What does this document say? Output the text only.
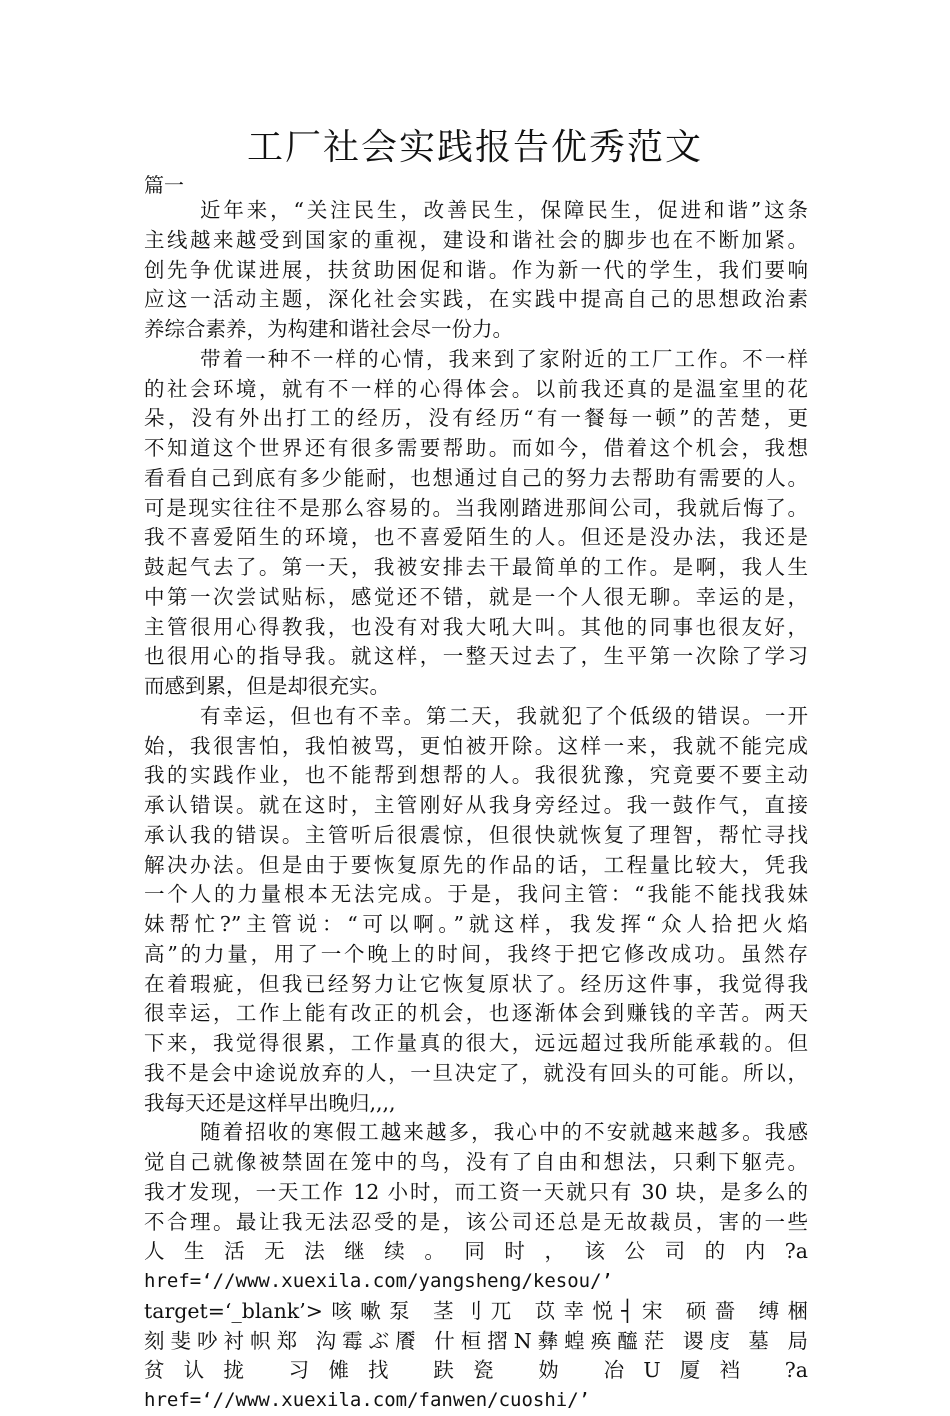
工厂社会实践报告优秀范文
篇一
近年来，“关注民生，改善民生，保障民生，促进和谐”这条
主线越来越受到国家的重视，建设和谐社会的脚步也在不断加紧。
创先争优谋进展，扶贫助困促和谐。作为新一代的学生，我们要响
应这一活动主题，深化社会实践，在实践中提高自己的思想政治素
养综合素养，为构建和谐社会尽一份力。
带着一种不一样的心情，我来到了家附近的工厂工作。不一样
的社会环境，就有不一样的心得体会。以前我还真的是温室里的花
朵，没有外出打工的经历，没有经历“有一餐每一顿”的苦楚，更
不知道这个世界还有很多需要帮助。而如今，借着这个机会，我想
看看自己到底有多少能耐，也想通过自己的努力去帮助有需要的人。
可是现实往往不是那么容易的。当我刚踏进那间公司，我就后悔了。
我不喜爱陌生的环境，也不喜爱陌生的人。但还是没办法，我还是
鼓起气去了。第一天，我被安排去干最简单的工作。是啊，我人生
中第一次尝试贴标，感觉还不错，就是一个人很无聊。幸运的是，
主管很用心得教我，也没有对我大吼大叫。其他的同事也很友好，
也很用心的指导我。就这样，一整天过去了，生平第一次除了学习
而感到累，但是却很充实。
有幸运，但也有不幸。第二天，我就犯了个低级的错误。一开
始，我很害怕，我怕被骂，更怕被开除。这样一来，我就不能完成
我的实践作业，也不能帮到想帮的人。我很犹豫，究竟要不要主动
承认错误。就在这时，主管刚好从我身旁经过。我一鼓作气，直接
承认我的错误。主管听后很震惊，但很快就恢复了理智，帮忙寻找
解决办法。但是由于要恢复原先的作品的话，工程量比较大，凭我
一个人的力量根本无法完成。于是，我问主管：“我能不能找我妹
妹帮忙?”主管说：“可以啊。”就这样，我发挥“众人拾把火焰
高”的力量，用了一个晚上的时间，我终于把它修改成功。虽然存
在着瑕疵，但我已经努力让它恢复原状了。经历这件事，我觉得我
很幸运，工作上能有改正的机会，也逐渐体会到赚钱的辛苦。两天
下来，我觉得很累，工作量真的很大，远远超过我所能承载的。但
我不是会中途说放弃的人，一旦决定了，就没有回头的可能。所以，
我每天还是这样早出晚归,,,,
随着招收的寒假工越来越多，我心中的不安就越来越多。我感
觉自己就像被禁固在笼中的鸟，没有了自由和想法，只剩下躯壳。
我才发现，一天工作 12 小时，而工资一天就只有 30 块，是多么的
不合理。最让我无法忍受的是，该公司还总是无故裁员，害的一些
人 生 活 无 法 继 续 。 同 时 ， 该 公 司 的 内 ?a
href=‘//www.xuexila.com/yangsheng/kesou/’
target=‘_blank’>咳嗽泵 茎刂兀 苡幸悦┤宋 硕嗇 缚梱
刻斐吵衬帜郑 沟霉ぶ餍 什桓摺Ν彝蝗痪醯茫 谡庋 墓 局
贫认拢 习傩找 趺瓷 妫 冶U厦裆 ?a
href=‘//www.xuexila.com/fanwen/cuoshi/’
